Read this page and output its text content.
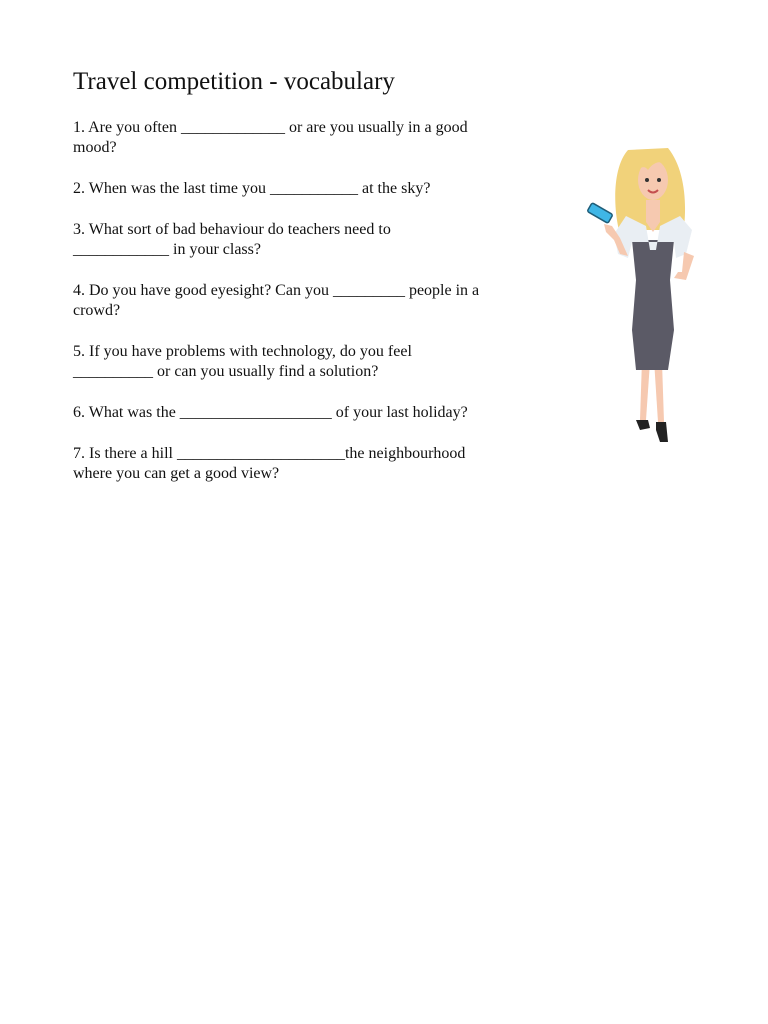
Travel competition - vocabulary
1. Are you often _____________ or are you usually in a good
mood?
2. When was the last time you ___________ at the sky?
3. What sort of bad behaviour do teachers need to
____________ in your class?
4. Do you have good eyesight? Can you _________ people in a
crowd?
5. If you have problems with technology, do you feel
__________ or can you usually find a solution?
6. What was the ___________________ of your last holiday?
7. Is there a hill _____________________the neighbourhood
where you can get a good view?
